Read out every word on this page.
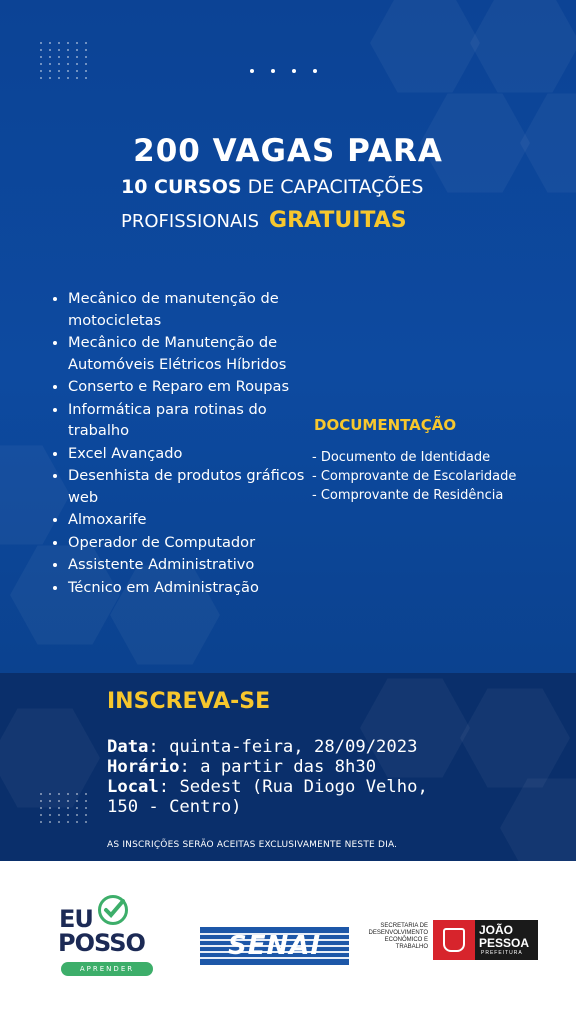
200 VAGAS PARA
10 CURSOS DE CAPACITAÇÕES
PROFISSIONAIS GRATUITAS
• Mecânico de manutenção de motocicletas
• Mecânico de Manutenção de Automóveis Elétricos Híbridos
• Conserto e Reparo em Roupas
• Informática para rotinas do trabalho
• Excel Avançado
• Desenhista de produtos gráficos web
• Almoxarife
• Operador de Computador
• Assistente Administrativo
• Técnico em Administração
DOCUMENTAÇÃO
- Documento de Identidade
- Comprovante de Escolaridade
- Comprovante de Residência
INSCREVA-SE
Data: quinta-feira, 28/09/2023
Horário: a partir das 8h30
Local: Sedest (Rua Diogo Velho, 150 - Centro)
AS INSCRIÇÕES SERÃO ACEITAS EXCLUSIVAMENTE NESTE DIA.
EU
POSSO
APRENDER
SENAI
SECRETARIA DE DESENVOLVIMENTO ECONÔMICO E TRABALHO
JOÃO PESSOA
PREFEITURA
